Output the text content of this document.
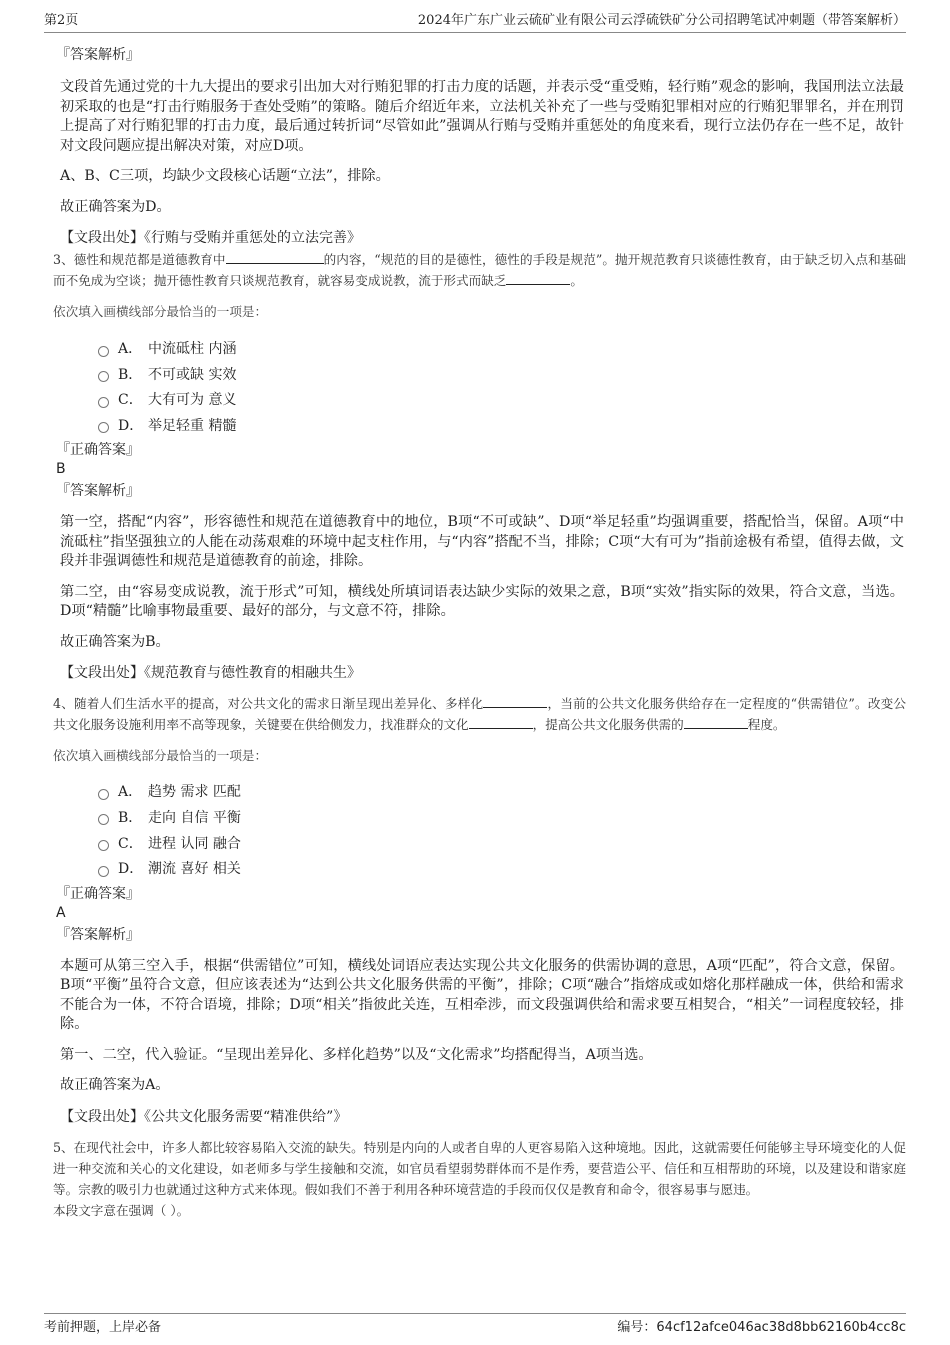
第2页	2024年广东广业云硫矿业有限公司云浮硫铁矿分公司招聘笔试冲刺题（带答案解析）

『答案解析』

文段首先通过党的十九大提出的要求引出加大对行贿犯罪的打击力度的话题，并表示受“重受贿，轻行贿”观念的影响，我国刑法立法最初采取的也是“打击行贿服务于查处受贿”的策略。随后介绍近年来，立法机关补充了一些与受贿犯罪相对应的行贿犯罪罪名，并在刑罚上提高了对行贿犯罪的打击力度，最后通过转折词“尽管如此”强调从行贿与受贿并重惩处的角度来看，现行立法仍存在一些不足，故针对文段问题应提出解决对策，对应D项。

A、B、C三项，均缺少文段核心话题“立法”，排除。

故正确答案为D。

【文段出处】《行贿与受贿并重惩处的立法完善》

3、德性和规范都是道德教育中	的内容，“规范的目的是德性，德性的手段是规范”。抛开规范教育只谈德性教育，由于缺乏切入点和基础而不免成为空谈；抛开德性教育只谈规范教育，就容易变成说教，流于形式而缺乏	。

依次填入画横线部分最恰当的一项是：

A． 中流砥柱 内涵
B． 不可或缺 实效
C． 大有可为 意义
D． 举足轻重 精髓

『正确答案』

B

『答案解析』

第一空，搭配“内容”，形容德性和规范在道德教育中的地位，B项“不可或缺”、D项“举足轻重”均强调重要，搭配恰当，保留。A项“中流砥柱”指坚强独立的人能在动荡艰难的环境中起支柱作用，与“内容”搭配不当，排除；C项“大有可为”指前途极有希望，值得去做，文段并非强调德性和规范是道德教育的前途，排除。

第二空，由“容易变成说教，流于形式”可知，横线处所填词语表达缺少实际的效果之意，B项“实效”指实际的效果，符合文意，当选。D项“精髓”比喻事物最重要、最好的部分，与文意不符，排除。

故正确答案为B。

【文段出处】《规范教育与德性教育的相融共生》

4、随着人们生活水平的提高，对公共文化的需求日渐呈现出差异化、多样化	，当前的公共文化服务供给存在一定程度的“供需错位”。改变公共文化服务设施利用率不高等现象，关键要在供给侧发力，找准群众的文化	，提高公共文化服务供需的	程度。

依次填入画横线部分最恰当的一项是：

A． 趋势 需求 匹配
B． 走向 自信 平衡
C． 进程 认同 融合
D． 潮流 喜好 相关

『正确答案』

A

『答案解析』

本题可从第三空入手，根据“供需错位”可知，横线处词语应表达实现公共文化服务的供需协调的意思，A项“匹配”，符合文意，保留。B项“平衡”虽符合文意，但应该表述为“达到公共文化服务供需的平衡”，排除；C项“融合”指熔成或如熔化那样融成一体，供给和需求不能合为一体，不符合语境，排除；D项“相关”指彼此关连，互相牵涉，而文段强调供给和需求要互相契合，“相关”一词程度较轻，排除。

第一、二空，代入验证。“呈现出差异化、多样化趋势”以及“文化需求”均搭配得当，A项当选。

故正确答案为A。

【文段出处】《公共文化服务需要“精准供给”》

5、在现代社会中，许多人都比较容易陷入交流的缺失。特别是内向的人或者自卑的人更容易陷入这种境地。因此，这就需要任何能够主导环境变化的人促进一种交流和关心的文化建设，如老师多与学生接触和交流，如官员看望弱势群体而不是作秀，要营造公平、信任和互相帮助的环境，以及建设和谐家庭等。宗教的吸引力也就通过这种方式来体现。假如我们不善于利用各种环境营造的手段而仅仅是教育和命令，很容易事与愿违。

本段文字意在强调（ ）。

考前押题，上岸必备	编号：64cf12afce046ac38d8bb62160b4cc8c
